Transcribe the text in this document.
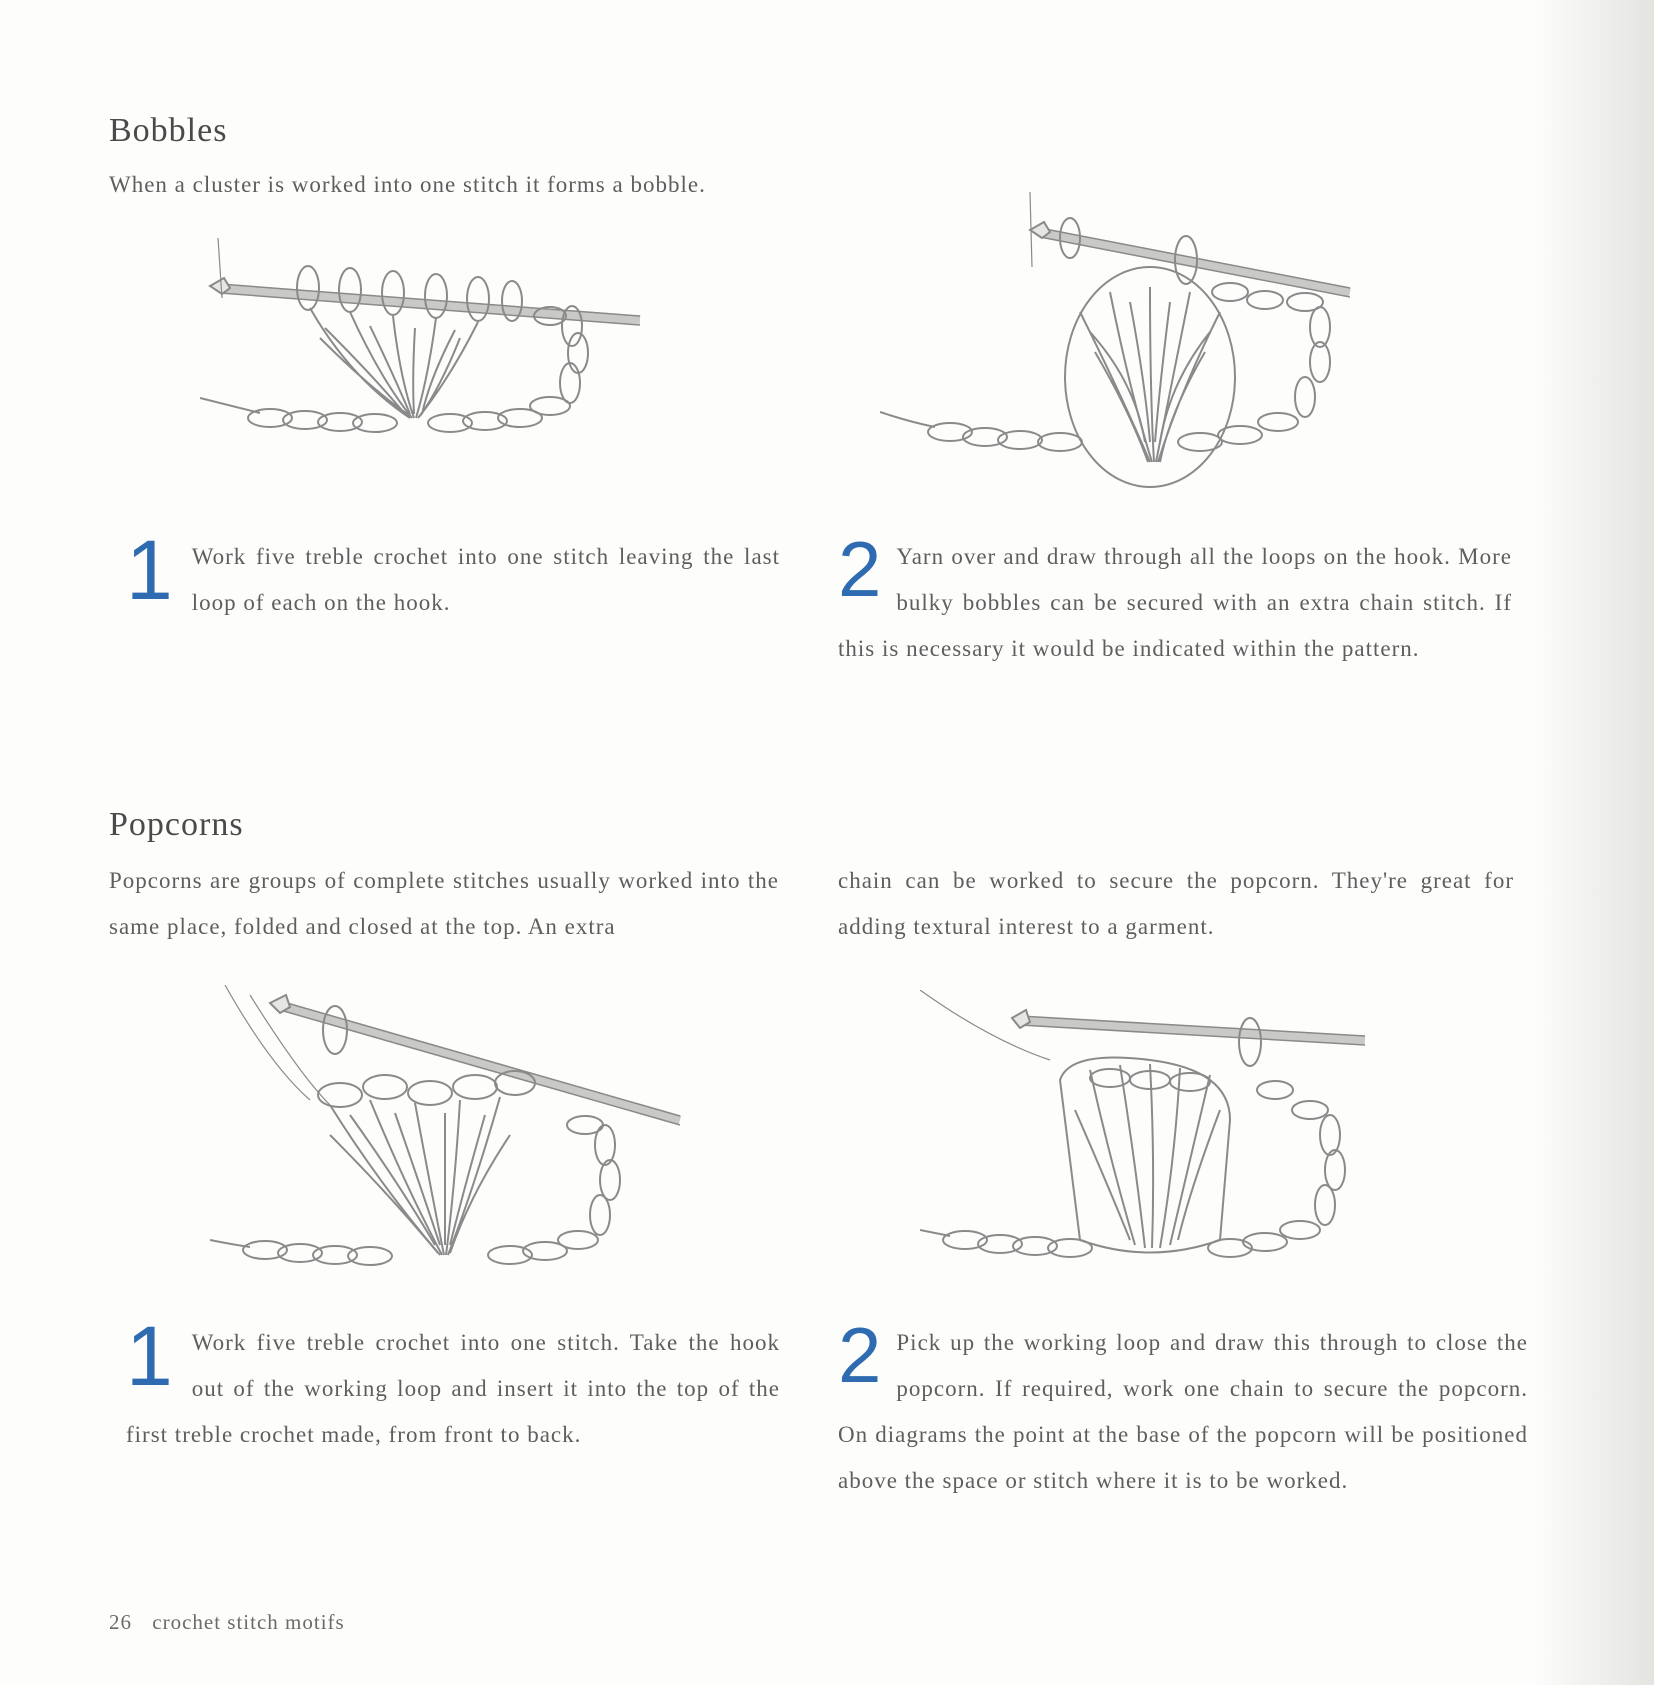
Bobbles

When a cluster is worked into one stitch it forms a bobble.

1 Work five treble crochet into one stitch leaving the last loop of each on the hook.	2 Yarn over and draw through all the loops on the hook. More bulky bobbles can be secured with an extra chain stitch. If this is necessary it would be indicated within the pattern.
Popcorns

Popcorns are groups of complete stitches usually worked into the same place, folded and closed at the top. An extra

chain can be worked to secure the popcorn. They're great for adding textural interest to a garment.

1 Work five treble crochet into one stitch. Take the hook out of the working loop and insert it into the top of the first treble crochet made, from front to back.
2 Pick up the working loop and draw this through to close the popcorn. If required, work one chain to secure the popcorn. On diagrams the point at the base of the popcorn will be positioned above the space or stitch where it is to be worked.
26 crochet stitch motifs
